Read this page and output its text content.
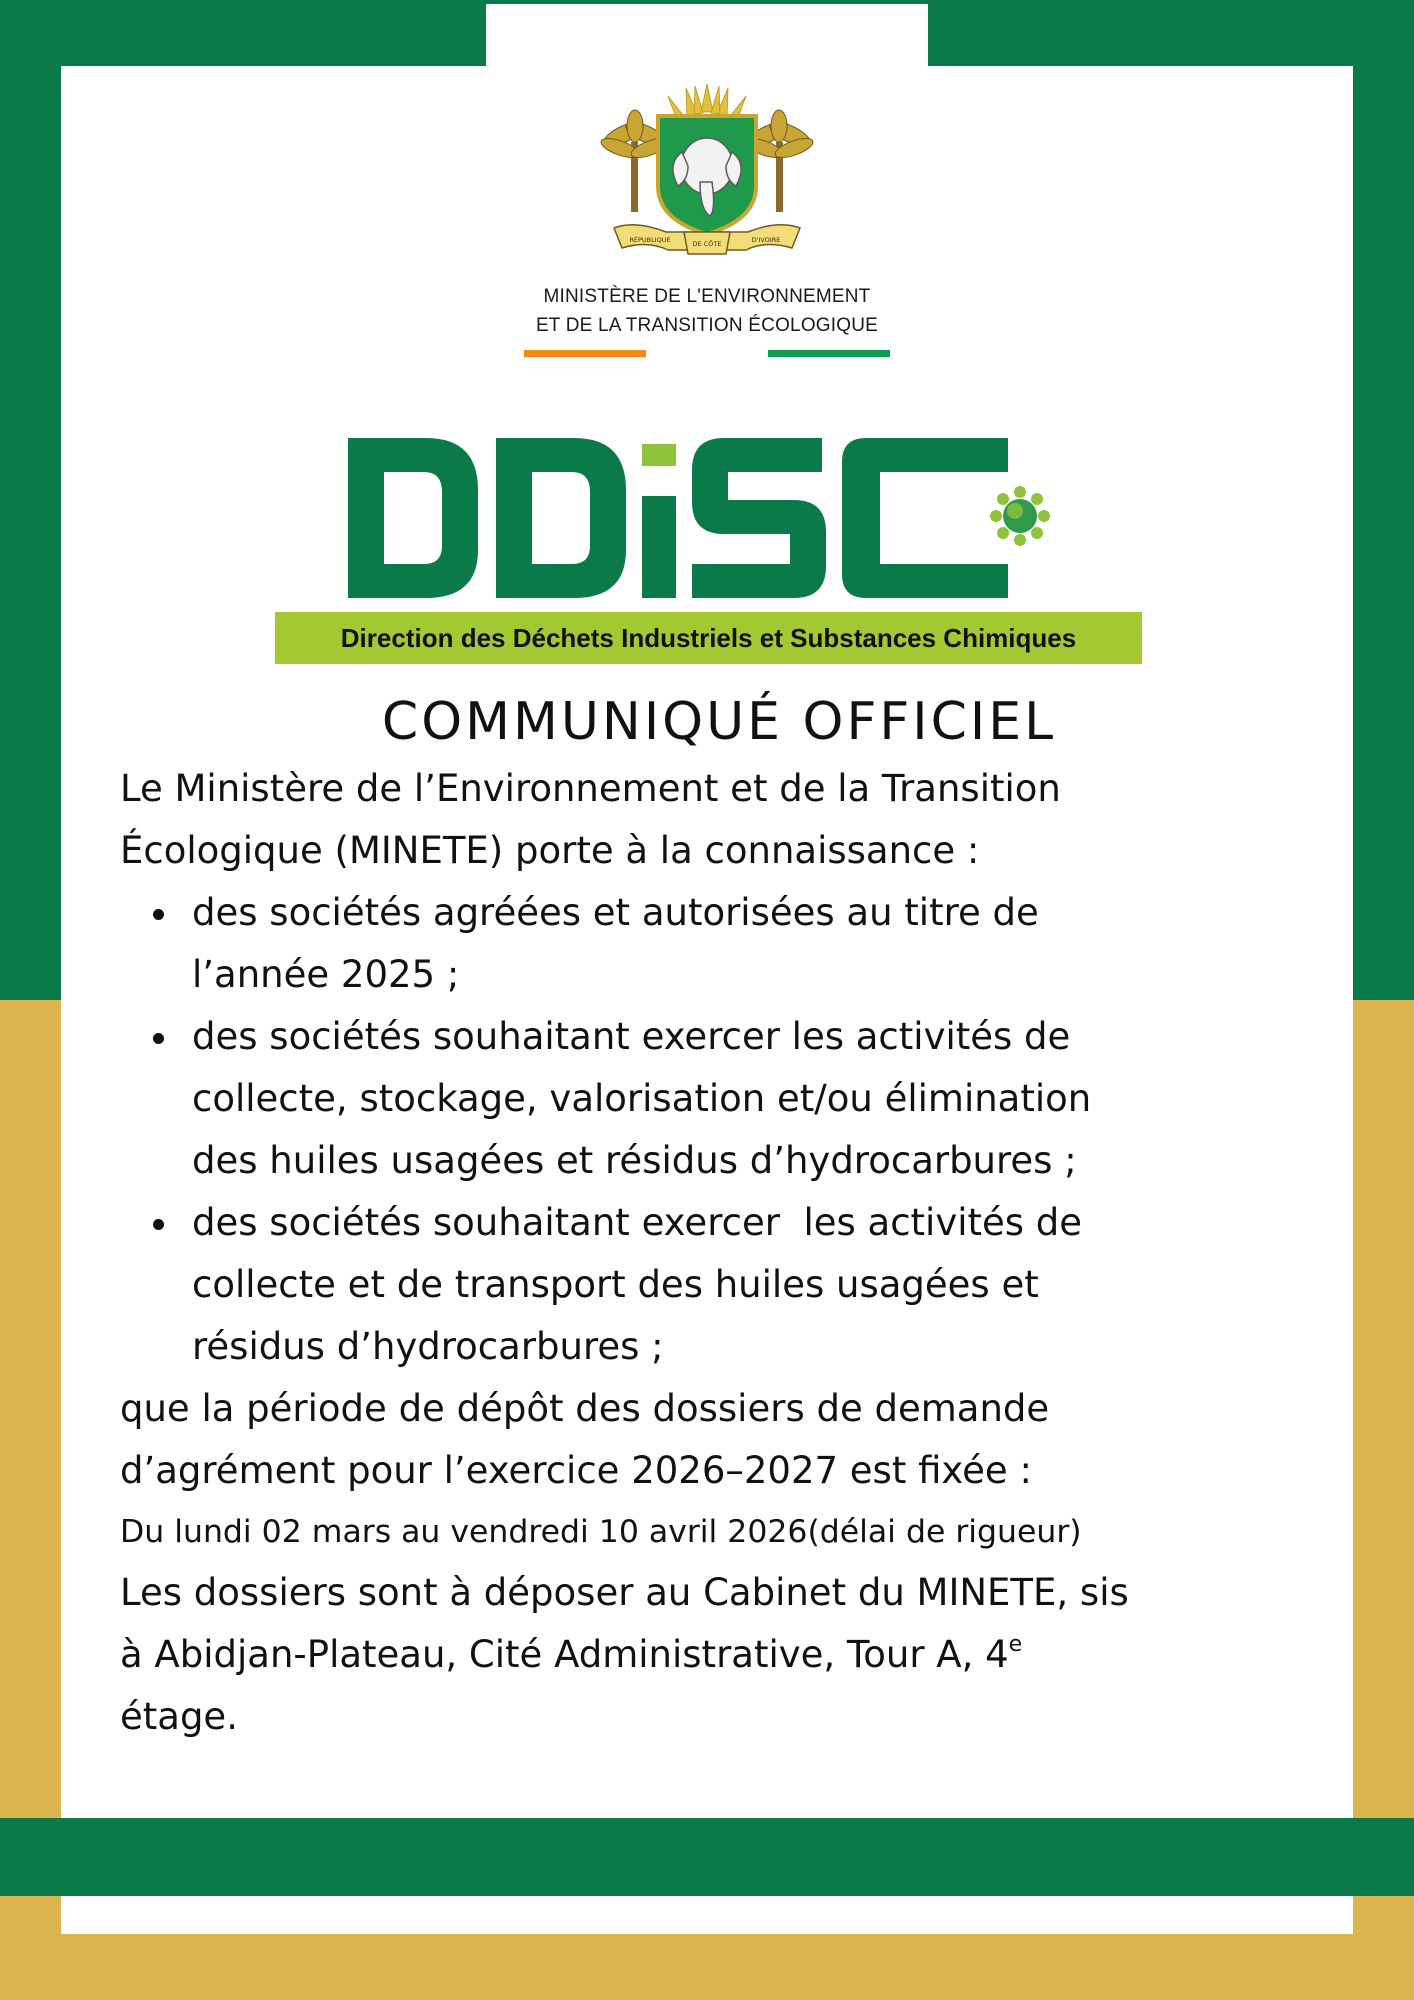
RÉPUBLIQUE	DE CÔTE	D'IVOIRE
MINISTÈRE DE L'ENVIRONNEMENT
ET DE LA TRANSITION ÉCOLOGIQUE
DDiSC
Direction des Déchets Industriels et Substances Chimiques
COMMUNIQUÉ OFFICIEL
Le Ministère de l’Environnement et de la Transition
Écologique (MINETE) porte à la connaissance :
des sociétés agréées et autorisées au titre de
l’année 2025 ;
des sociétés souhaitant exercer les activités de
collecte, stockage, valorisation et/ou élimination
des huiles usagées et résidus d’hydrocarbures ;
des sociétés souhaitant exercer  les activités de
collecte et de transport des huiles usagées et
résidus d’hydrocarbures ;
que la période de dépôt des dossiers de demande
d’agrément pour l’exercice 2026–2027 est fixée :
Du lundi 02 mars au vendredi 10 avril 2026(délai de rigueur)
Les dossiers sont à déposer au Cabinet du MINETE, sis
à Abidjan-Plateau, Cité Administrative, Tour A, 4e
étage.
